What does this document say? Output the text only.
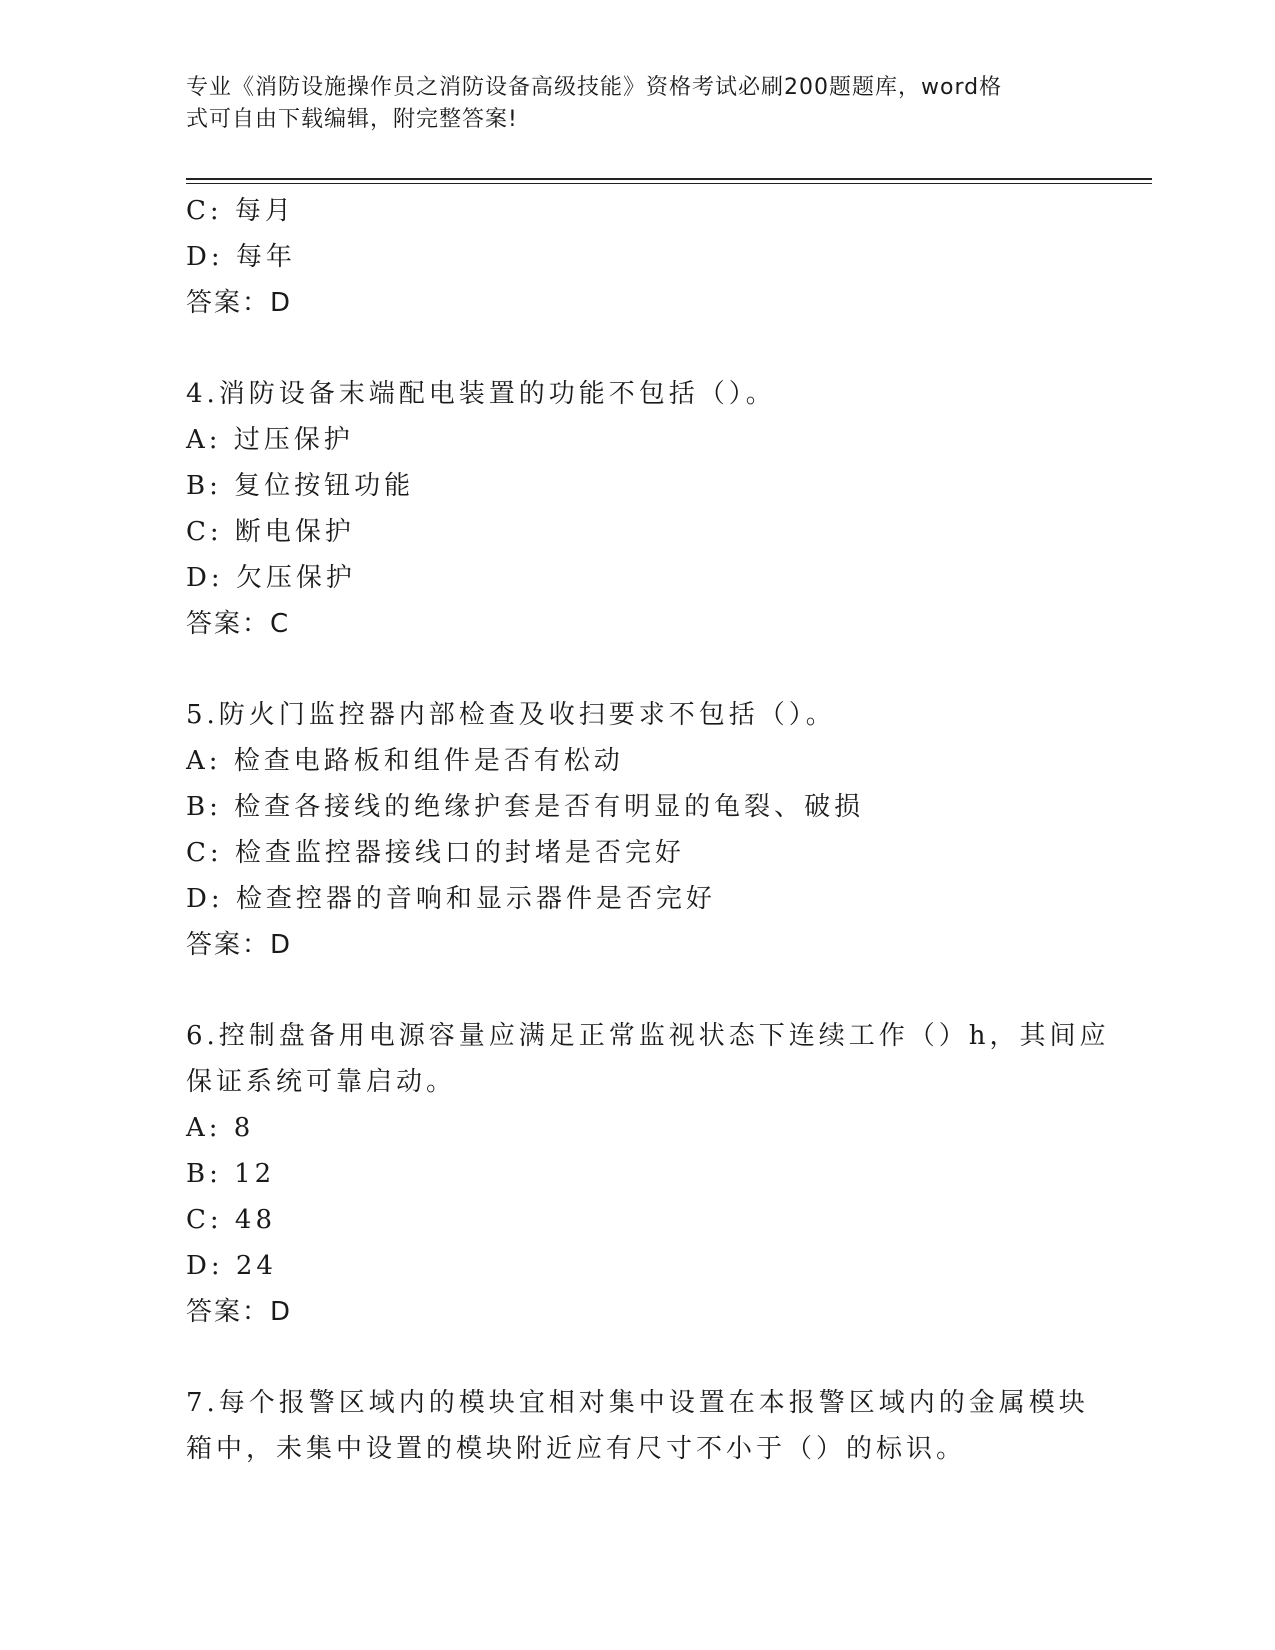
专业《消防设施操作员之消防设备高级技能》资格考试必刷200题题库，word格
式可自由下载编辑，附完整答案!
C: 每月
D: 每年
答案：D
4.消防设备末端配电装置的功能不包括（）。
A: 过压保护
B: 复位按钮功能
C: 断电保护
D: 欠压保护
答案：C
5.防火门监控器内部检查及收扫要求不包括（）。
A: 检查电路板和组件是否有松动
B: 检查各接线的绝缘护套是否有明显的龟裂、破损
C: 检查监控器接线口的封堵是否完好
D: 检查控器的音响和显示器件是否完好
答案：D
6.控制盘备用电源容量应满足正常监视状态下连续工作（）h，其间应
保证系统可靠启动。
A: 8
B: 12
C: 48
D: 24
答案：D
7.每个报警区域内的模块宜相对集中设置在本报警区域内的金属模块
箱中，未集中设置的模块附近应有尺寸不小于（）的标识。
